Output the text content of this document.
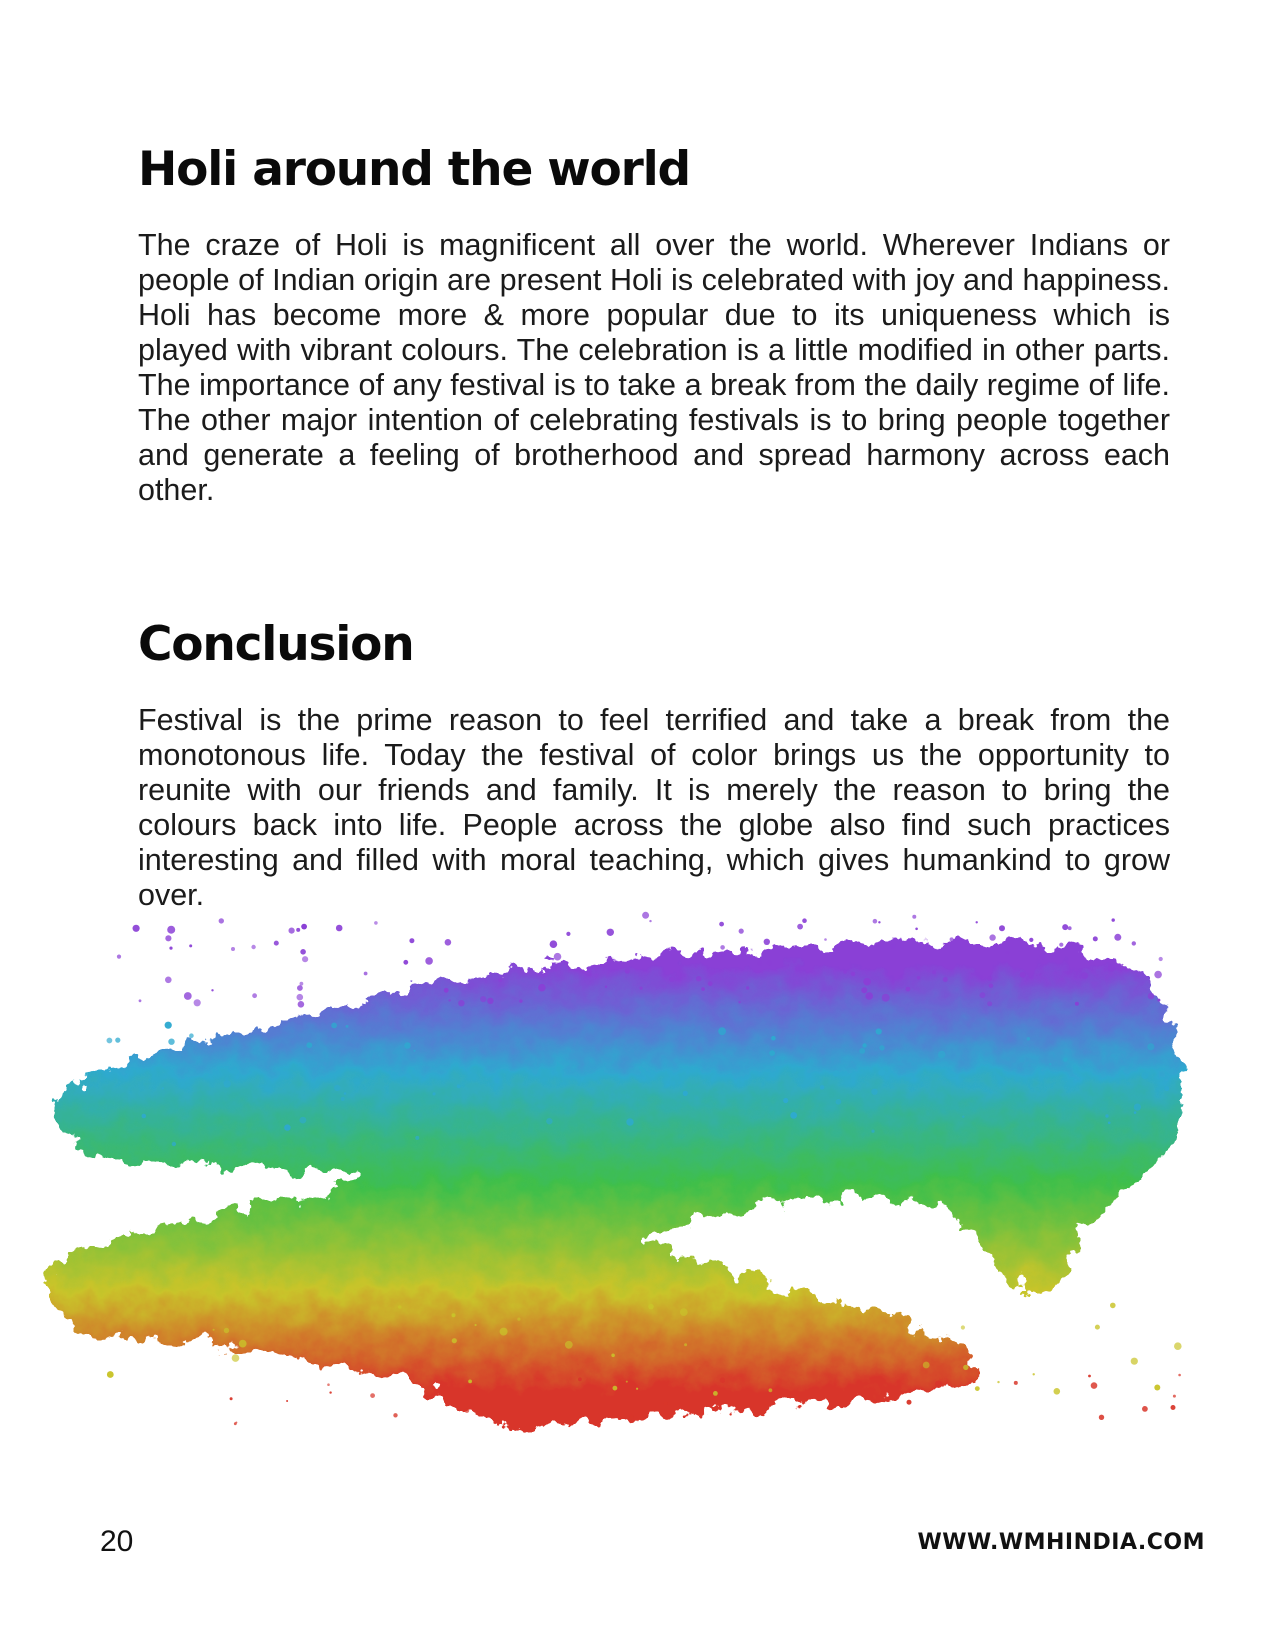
Holi around the world

The craze of Holi is magnificent all over the world. Wherever Indians or people of Indian origin are present Holi is celebrated with joy and happiness. Holi has become more & more popular due to its uniqueness which is played with vibrant colours. The celebration is a little modified in other parts. The importance of any festival is to take a break from the daily regime of life. The other major intention of celebrating festivals is to bring people together and generate a feeling of brotherhood and spread harmony across each other.

Conclusion

Festival is the prime reason to feel terrified and take a break from the monotonous life. Today the festival of color brings us the opportunity to reunite with our friends and family. It is merely the reason to bring the colours back into life. People across the globe also find such practices interesting and filled with moral teaching, which gives humankind to grow over.

20	WWW.WMHINDIA.COM
